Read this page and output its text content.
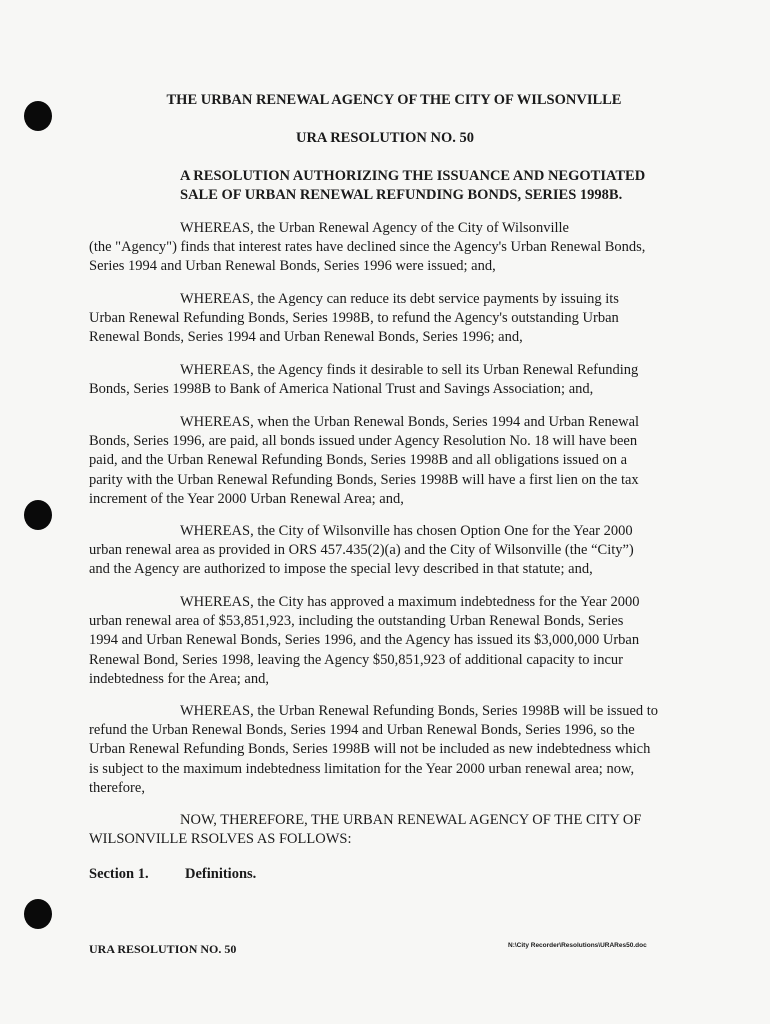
THE URBAN RENEWAL AGENCY OF THE CITY OF WILSONVILLE
URA RESOLUTION NO. 50
A RESOLUTION AUTHORIZING THE ISSUANCE AND NEGOTIATED
SALE OF URBAN RENEWAL REFUNDING BONDS, SERIES 1998B.
WHEREAS, the Urban Renewal Agency of the City of Wilsonville
(the "Agency") finds that interest rates have declined since the Agency's Urban Renewal Bonds,
Series 1994 and Urban Renewal Bonds, Series 1996 were issued; and,
WHEREAS, the Agency can reduce its debt service payments by issuing its
Urban Renewal Refunding Bonds, Series 1998B, to refund the Agency's outstanding Urban
Renewal Bonds, Series 1994 and Urban Renewal Bonds, Series 1996; and,
WHEREAS, the Agency finds it desirable to sell its Urban Renewal Refunding
Bonds, Series 1998B to Bank of America National Trust and Savings Association; and,
WHEREAS, when the Urban Renewal Bonds, Series 1994 and Urban Renewal
Bonds, Series 1996, are paid, all bonds issued under Agency Resolution No. 18 will have been
paid, and the Urban Renewal Refunding Bonds, Series 1998B and all obligations issued on a
parity with the Urban Renewal Refunding Bonds, Series 1998B will have a first lien on the tax
increment of the Year 2000 Urban Renewal Area; and,
WHEREAS, the City of Wilsonville has chosen Option One for the Year 2000
urban renewal area as provided in ORS 457.435(2)(a) and the City of Wilsonville (the “City”)
and the Agency are authorized to impose the special levy described in that statute; and,
WHEREAS, the City has approved a maximum indebtedness for the Year 2000
urban renewal area of $53,851,923, including the outstanding Urban Renewal Bonds, Series
1994 and Urban Renewal Bonds, Series 1996, and the Agency has issued its $3,000,000 Urban
Renewal Bond, Series 1998, leaving the Agency $50,851,923 of additional capacity to incur
indebtedness for the Area; and,
WHEREAS, the Urban Renewal Refunding Bonds, Series 1998B will be issued to
refund the Urban Renewal Bonds, Series 1994 and Urban Renewal Bonds, Series 1996, so the
Urban Renewal Refunding Bonds, Series 1998B will not be included as new indebtedness which
is subject to the maximum indebtedness limitation for the Year 2000 urban renewal area; now,
therefore,
NOW, THEREFORE, THE URBAN RENEWAL AGENCY OF THE CITY OF
WILSONVILLE RSOLVES AS FOLLOWS:
Section 1.	Definitions.
URA RESOLUTION NO. 50	N:\City Recorder\Resolutions\URARes50.doc
